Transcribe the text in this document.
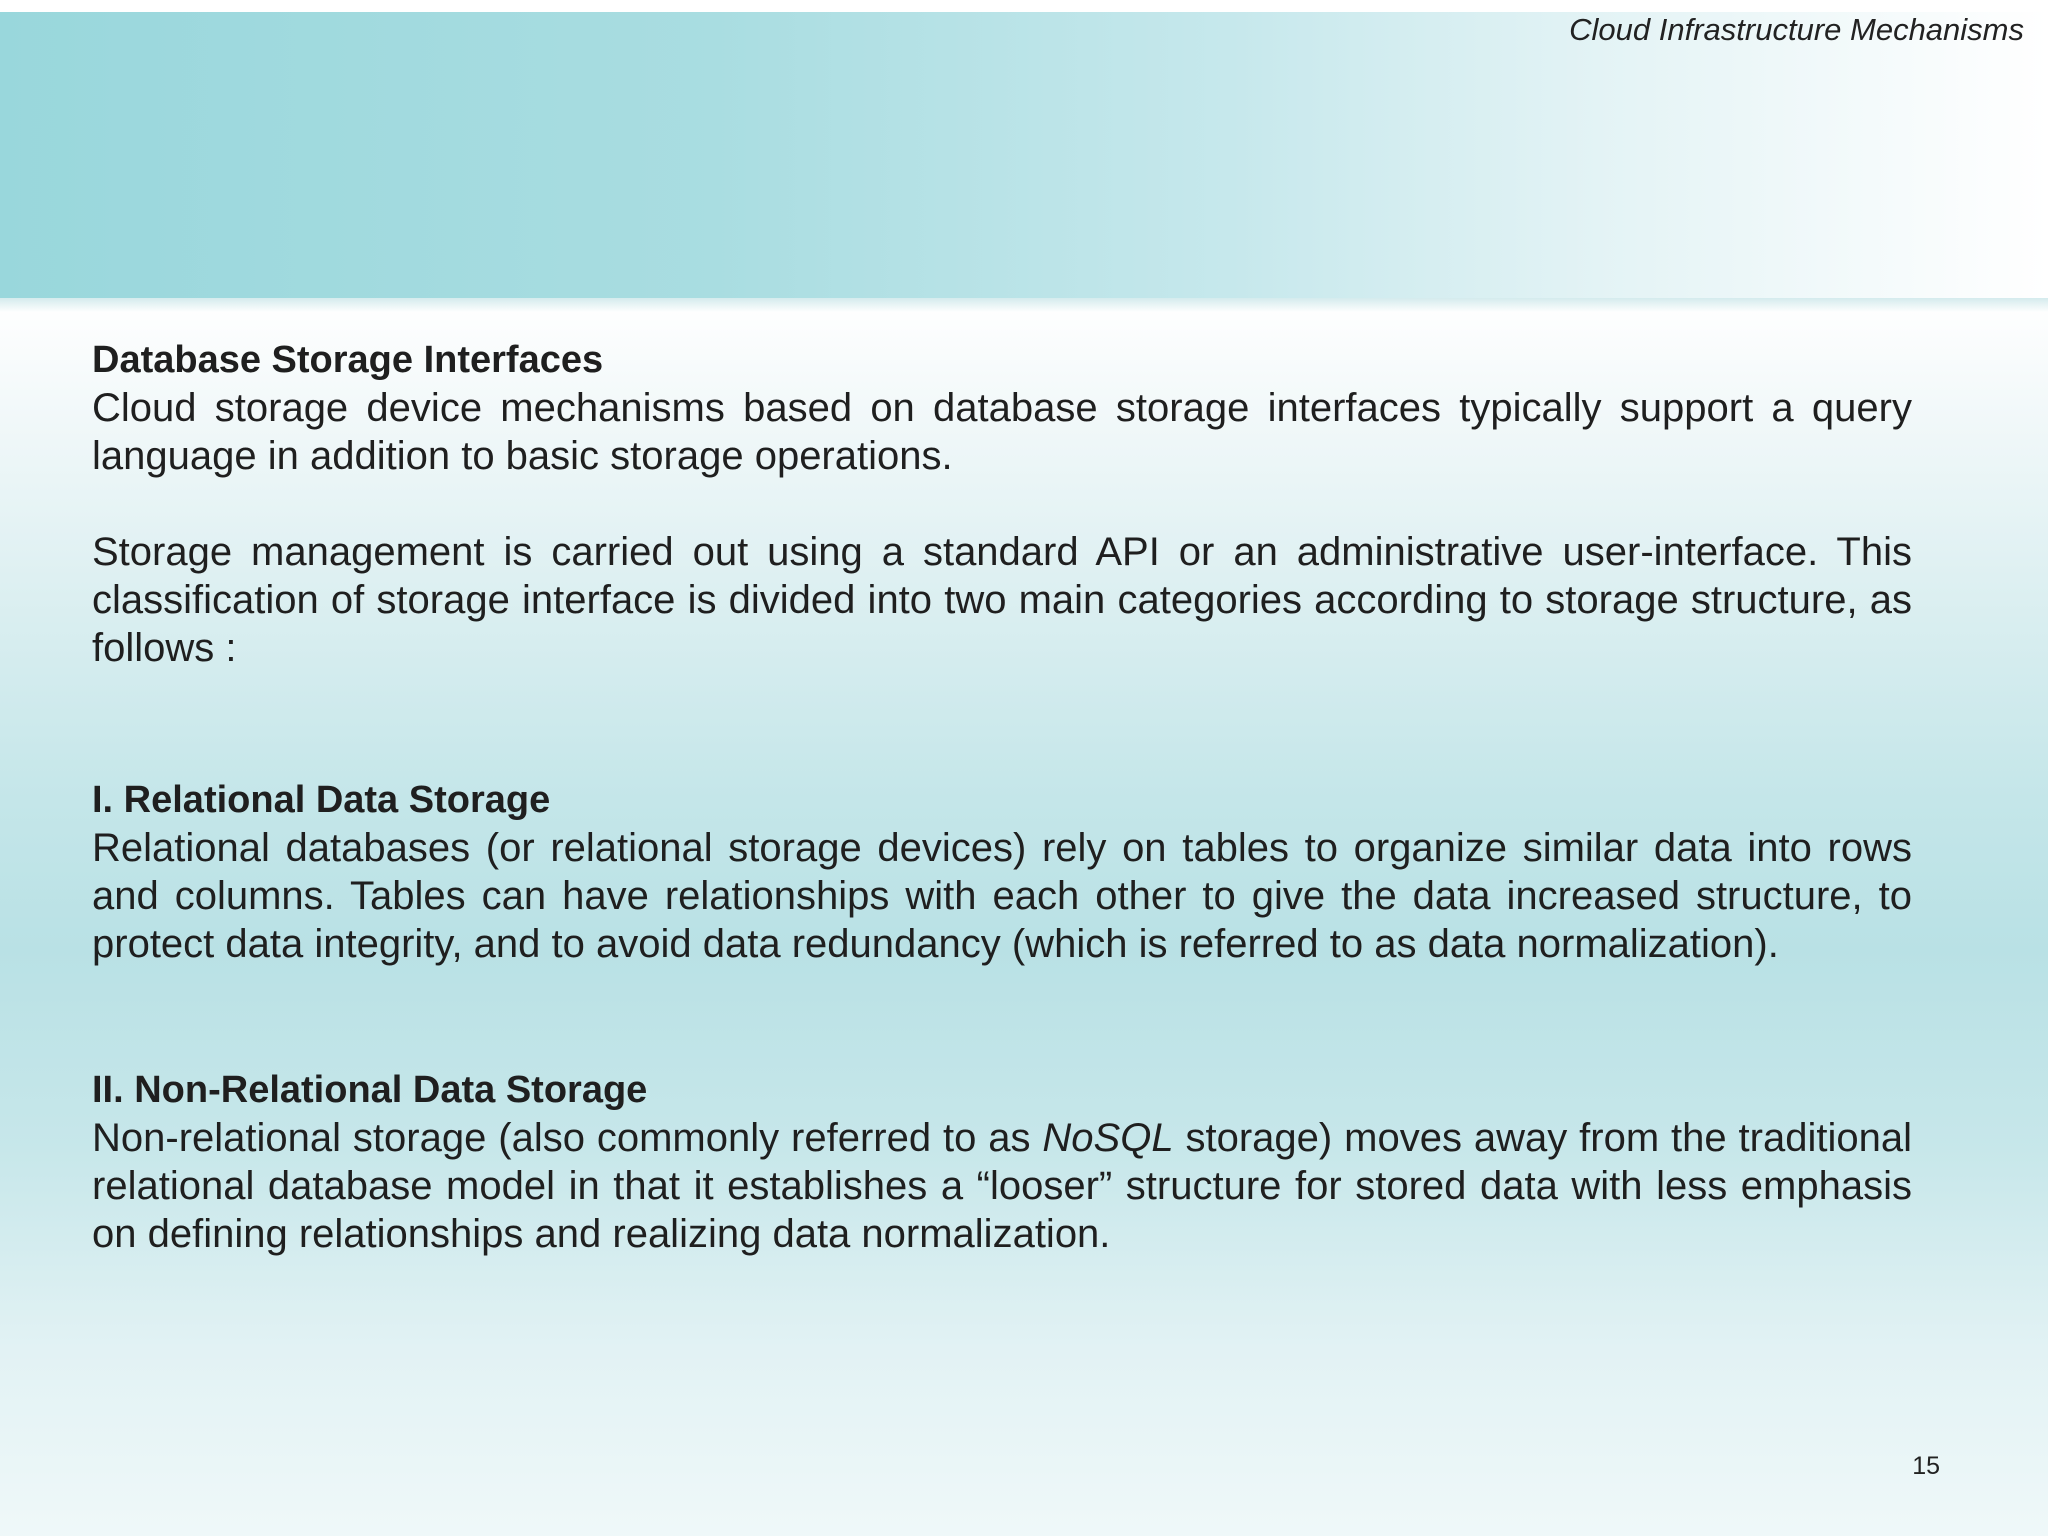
Cloud Infrastructure Mechanisms
Database Storage Interfaces

Cloud storage device mechanisms based on database storage interfaces typically support a query language in addition to basic storage operations.

Storage management is carried out using a standard API or an administrative user-interface. This classification of storage interface is divided into two main categories according to storage structure, as follows :

I. Relational Data Storage

Relational databases (or relational storage devices) rely on tables to organize similar data into rows and columns. Tables can have relationships with each other to give the data increased structure, to protect data integrity, and to avoid data redundancy (which is referred to as data normalization).

II. Non-Relational Data Storage

Non-relational storage (also commonly referred to as NoSQL storage) moves away from the traditional relational database model in that it establishes a “looser” structure for stored data with less emphasis on defining relationships and realizing data normalization.

15
